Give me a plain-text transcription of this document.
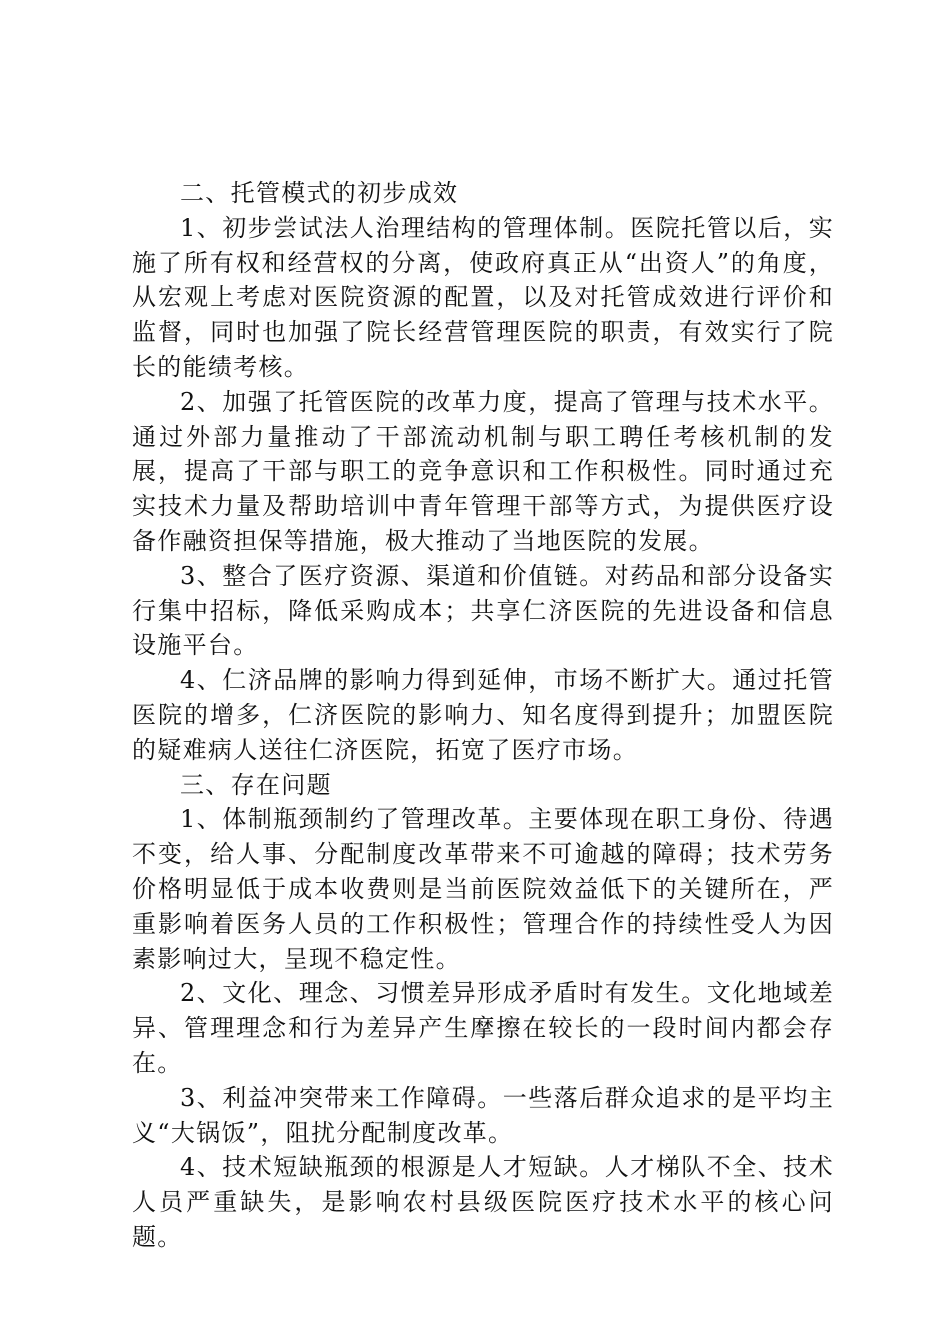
二、托管模式的初步成效

1、初步尝试法人治理结构的管理体制。医院托管以后，实施了所有权和经营权的分离，使政府真正从“出资人”的角度，从宏观上考虑对医院资源的配置，以及对托管成效进行评价和监督，同时也加强了院长经营管理医院的职责，有效实行了院长的能绩考核。

2、加强了托管医院的改革力度，提高了管理与技术水平。通过外部力量推动了干部流动机制与职工聘任考核机制的发展，提高了干部与职工的竞争意识和工作积极性。同时通过充实技术力量及帮助培训中青年管理干部等方式，为提供医疗设备作融资担保等措施，极大推动了当地医院的发展。

3、整合了医疗资源、渠道和价值链。对药品和部分设备实行集中招标，降低采购成本；共享仁济医院的先进设备和信息设施平台。

4、仁济品牌的影响力得到延伸，市场不断扩大。通过托管医院的增多，仁济医院的影响力、知名度得到提升；加盟医院的疑难病人送往仁济医院，拓宽了医疗市场。

三、存在问题

1、体制瓶颈制约了管理改革。主要体现在职工身份、待遇不变，给人事、分配制度改革带来不可逾越的障碍；技术劳务价格明显低于成本收费则是当前医院效益低下的关键所在，严重影响着医务人员的工作积极性；管理合作的持续性受人为因素影响过大，呈现不稳定性。

2、文化、理念、习惯差异形成矛盾时有发生。文化地域差异、管理理念和行为差异产生摩擦在较长的一段时间内都会存在。

3、利益冲突带来工作障碍。一些落后群众追求的是平均主义“大锅饭”，阻扰分配制度改革。

4、技术短缺瓶颈的根源是人才短缺。人才梯队不全、技术人员严重缺失，是影响农村县级医院医疗技术水平的核心问题。
